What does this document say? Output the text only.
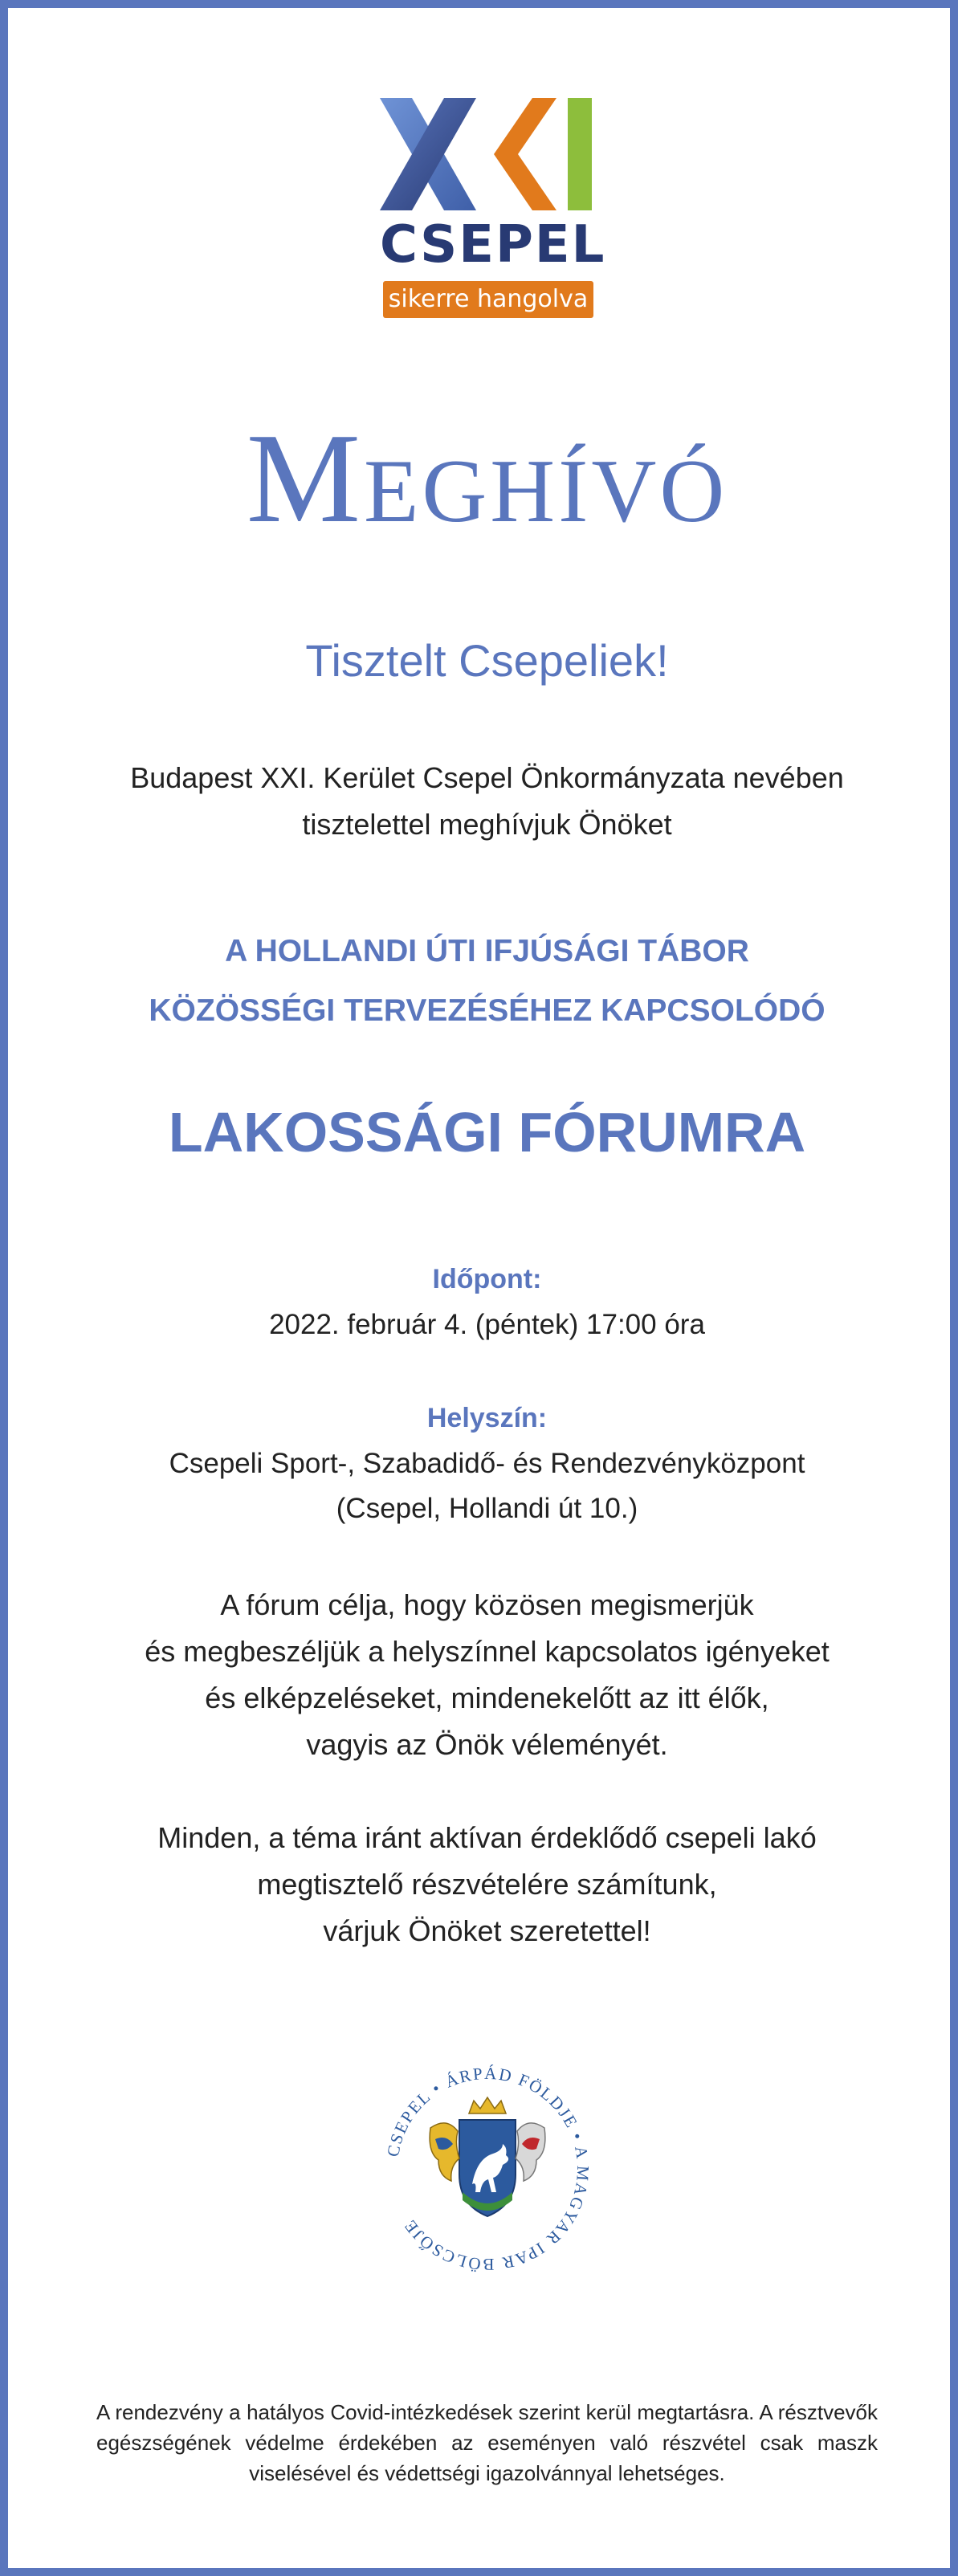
CSEPEL
sikerre hangolva
Meghívó
Tisztelt Csepeliek!
Budapest XXI. Kerület Csepel Önkormányzata nevében
tisztelettel meghívjuk Önöket
A HOLLANDI ÚTI IFJÚSÁGI TÁBOR
KÖZÖSSÉGI TERVEZÉSÉHEZ KAPCSOLÓDÓ
LAKOSSÁGI FÓRUMRA
Időpont:
2022. február 4. (péntek) 17:00 óra
Helyszín:
Csepeli Sport-, Szabadidő- és Rendezvényközpont
(Csepel, Hollandi út 10.)
A fórum célja, hogy közösen megismerjük
és megbeszéljük a helyszínnel kapcsolatos igényeket
és elképzeléseket, mindenekelőtt az itt élők,
vagyis az Önök véleményét.
Minden, a téma iránt aktívan érdeklődő csepeli lakó
megtisztelő részvételére számítunk,
várjuk Önöket szeretettel!
CSEPEL • ÁRPÁD FÖLDJE • A MAGYAR IPAR BÖLCSŐJE
A rendezvény a hatályos Covid-intézkedések szerint kerül megtartásra. A résztvevők egészségének védelme érdekében az eseményen való részvétel csak maszk viselésével és védettségi igazolvánnyal lehetséges.
